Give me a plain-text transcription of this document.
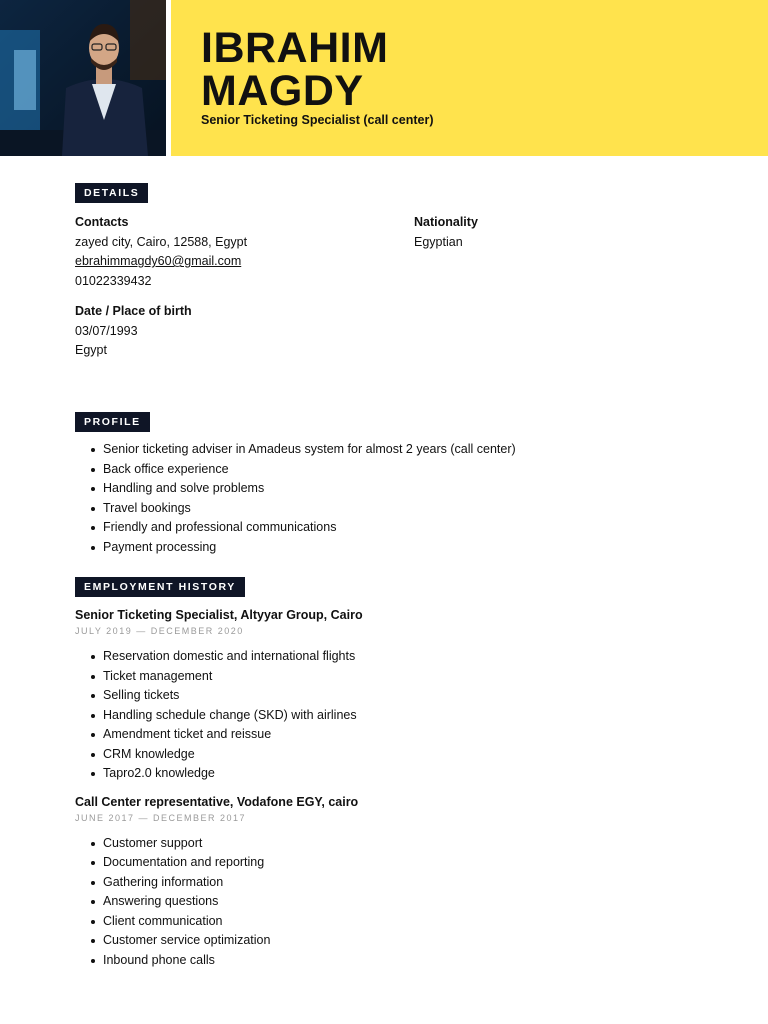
IBRAHIM
MAGDY
Senior Ticketing Specialist (call center)
DETAILS
Contacts
zayed city, Cairo, 12588, Egypt
ebrahimmagdy60@gmail.com
01022339432
Date / Place of birth
03/07/1993
Egypt
Nationality
Egyptian
PROFILE
Senior ticketing adviser in Amadeus system for almost 2 years (call center)
Back office experience
Handling and solve problems
Travel bookings
Friendly and professional communications
Payment processing
EMPLOYMENT HISTORY
Senior Ticketing Specialist, Altyyar Group, Cairo
JULY 2019 — DECEMBER 2020
Reservation domestic and international flights
Ticket management
Selling tickets
Handling schedule change (SKD) with airlines
Amendment ticket and reissue
CRM knowledge
Tapro2.0 knowledge
Call Center representative, Vodafone EGY, cairo
JUNE 2017 — DECEMBER 2017
Customer support
Documentation and reporting
Gathering information
Answering questions
Client communication
Customer service optimization
Inbound phone calls
